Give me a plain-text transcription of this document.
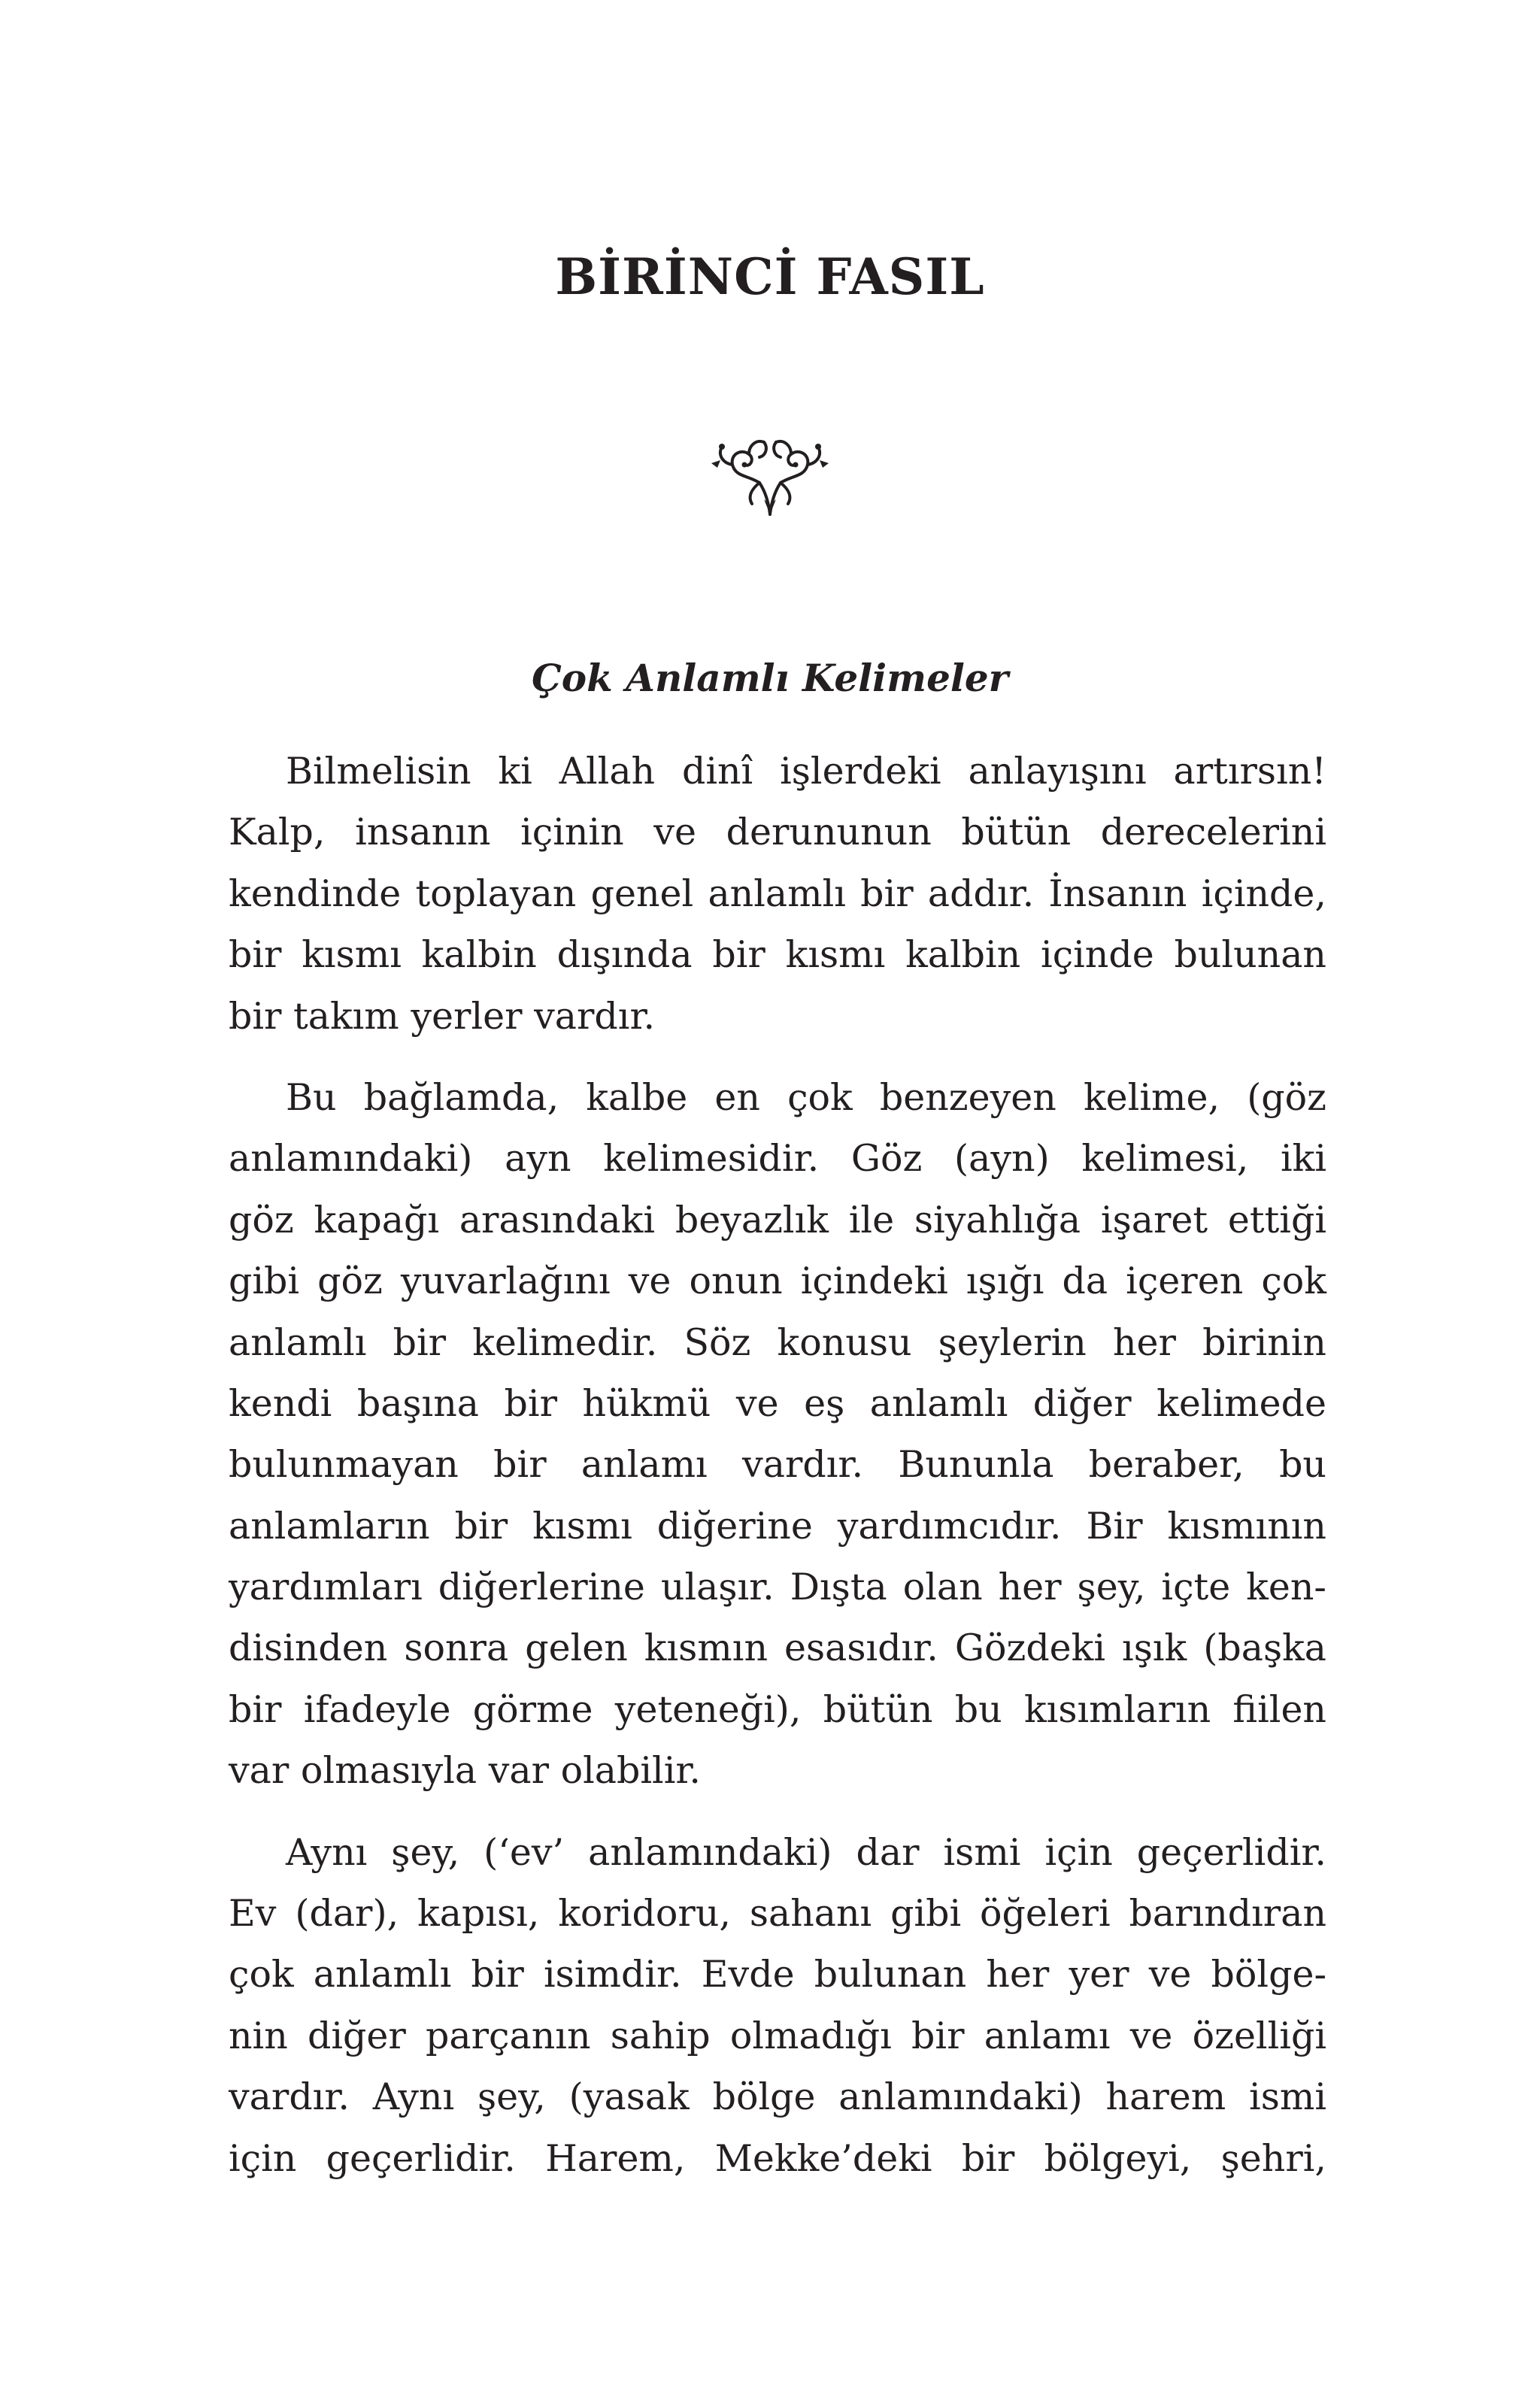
BİRİNCİ FASIL
Çok Anlamlı Kelimeler
Bilmelisin ki Allah dinî işlerdeki anlayışını artırsın!
Kalp, insanın içinin ve derununun bütün derecelerini
kendinde toplayan genel anlamlı bir addır. İnsanın içinde,
bir kısmı kalbin dışında bir kısmı kalbin içinde bulunan
bir takım yerler vardır.
Bu bağlamda, kalbe en çok benzeyen kelime, (göz
anlamındaki) ayn kelimesidir. Göz (ayn) kelimesi, iki
göz kapağı arasındaki beyazlık ile siyahlığa işaret ettiği
gibi göz yuvarlağını ve onun içindeki ışığı da içeren çok
anlamlı bir kelimedir. Söz konusu şeylerin her birinin
kendi başına bir hükmü ve eş anlamlı diğer kelimede
bulunmayan bir anlamı vardır. Bununla beraber, bu
anlamların bir kısmı diğerine yardımcıdır. Bir kısmının
yardımları diğerlerine ulaşır. Dışta olan her şey, içte ken-
disinden sonra gelen kısmın esasıdır. Gözdeki ışık (başka
bir ifadeyle görme yeteneği), bütün bu kısımların fiilen
var olmasıyla var olabilir.
Aynı şey, (‘ev’ anlamındaki) dar ismi için geçerlidir.
Ev (dar), kapısı, koridoru, sahanı gibi öğeleri barındıran
çok anlamlı bir isimdir. Evde bulunan her yer ve bölge-
nin diğer parçanın sahip olmadığı bir anlamı ve özelliği
vardır. Aynı şey, (yasak bölge anlamındaki) harem ismi
için geçerlidir. Harem, Mekke’deki bir bölgeyi, şehri,
